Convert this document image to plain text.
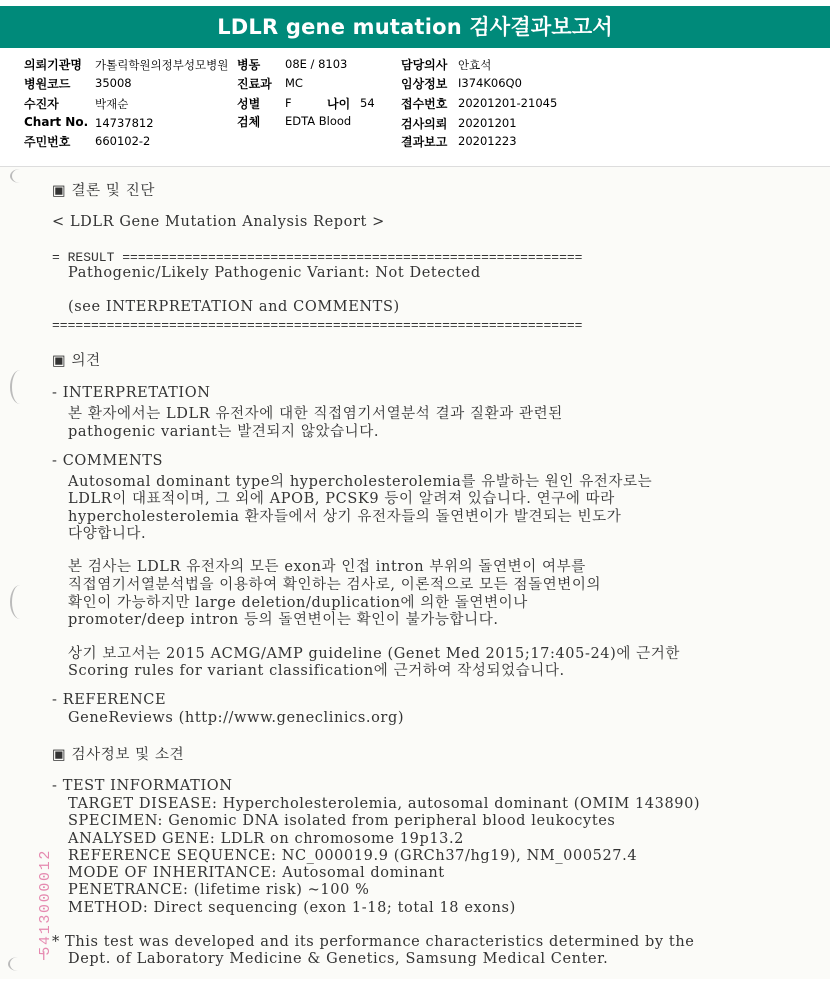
LDLR gene mutation 검사결과보고서
의뢰기관명 가톨릭학원의정부성모병원
병원코드 35008
수진자	박재순
Chart No. 14737812
주민번호 660102-2
병동 08E / 8103
진료과 MC
성별 F	나이 54
검체 EDTA Blood
담당의사 안효석
임상정보 I374K06Q0
접수번호 20201201-21045
검사의뢰 20201201
결과보고 20201223
▣ 결론 및 진단
< LDLR Gene Mutation Analysis Report >
= RESULT ===========================================================
Pathogenic/Likely Pathogenic Variant: Not Detected
(see INTERPRETATION and COMMENTS)
====================================================================
▣ 의견
- INTERPRETATION
본 환자에서는 LDLR 유전자에 대한 직접염기서열분석 결과 질환과 관련된
pathogenic variant는 발견되지 않았습니다.
- COMMENTS
Autosomal dominant type의 hypercholesterolemia를 유발하는 원인 유전자로는
LDLR이 대표적이며, 그 외에 APOB, PCSK9 등이 알려져 있습니다. 연구에 따라
hypercholesterolemia 환자들에서 상기 유전자들의 돌연변이가 발견되는 빈도가
다양합니다.
본 검사는 LDLR 유전자의 모든 exon과 인접 intron 부위의 돌연변이 여부를
직접염기서열분석법을 이용하여 확인하는 검사로, 이론적으로 모든 점돌연변이의
확인이 가능하지만 large deletion/duplication에 의한 돌연변이나
promoter/deep intron 등의 돌연변이는 확인이 불가능합니다.
상기 보고서는 2015 ACMG/AMP guideline (Genet Med 2015;17:405-24)에 근거한
Scoring rules for variant classification에 근거하여 작성되었습니다.
- REFERENCE
GeneReviews (http://www.geneclinics.org)
▣ 검사정보 및 소견
- TEST INFORMATION
TARGET DISEASE: Hypercholesterolemia, autosomal dominant (OMIM 143890)
SPECIMEN: Genomic DNA isolated from peripheral blood leukocytes
ANALYSED GENE: LDLR on chromosome 19p13.2
REFERENCE SEQUENCE: NC_000019.9 (GRCh37/hg19), NM_000527.4
MODE OF INHERITANCE: Autosomal dominant
PENETRANCE: (lifetime risk) ~100 %
METHOD: Direct sequencing (exon 1-18; total 18 exons)
* This test was developed and its performance characteristics determined by the
Dept. of Laboratory Medicine & Genetics, Samsung Medical Center.
5413000012
